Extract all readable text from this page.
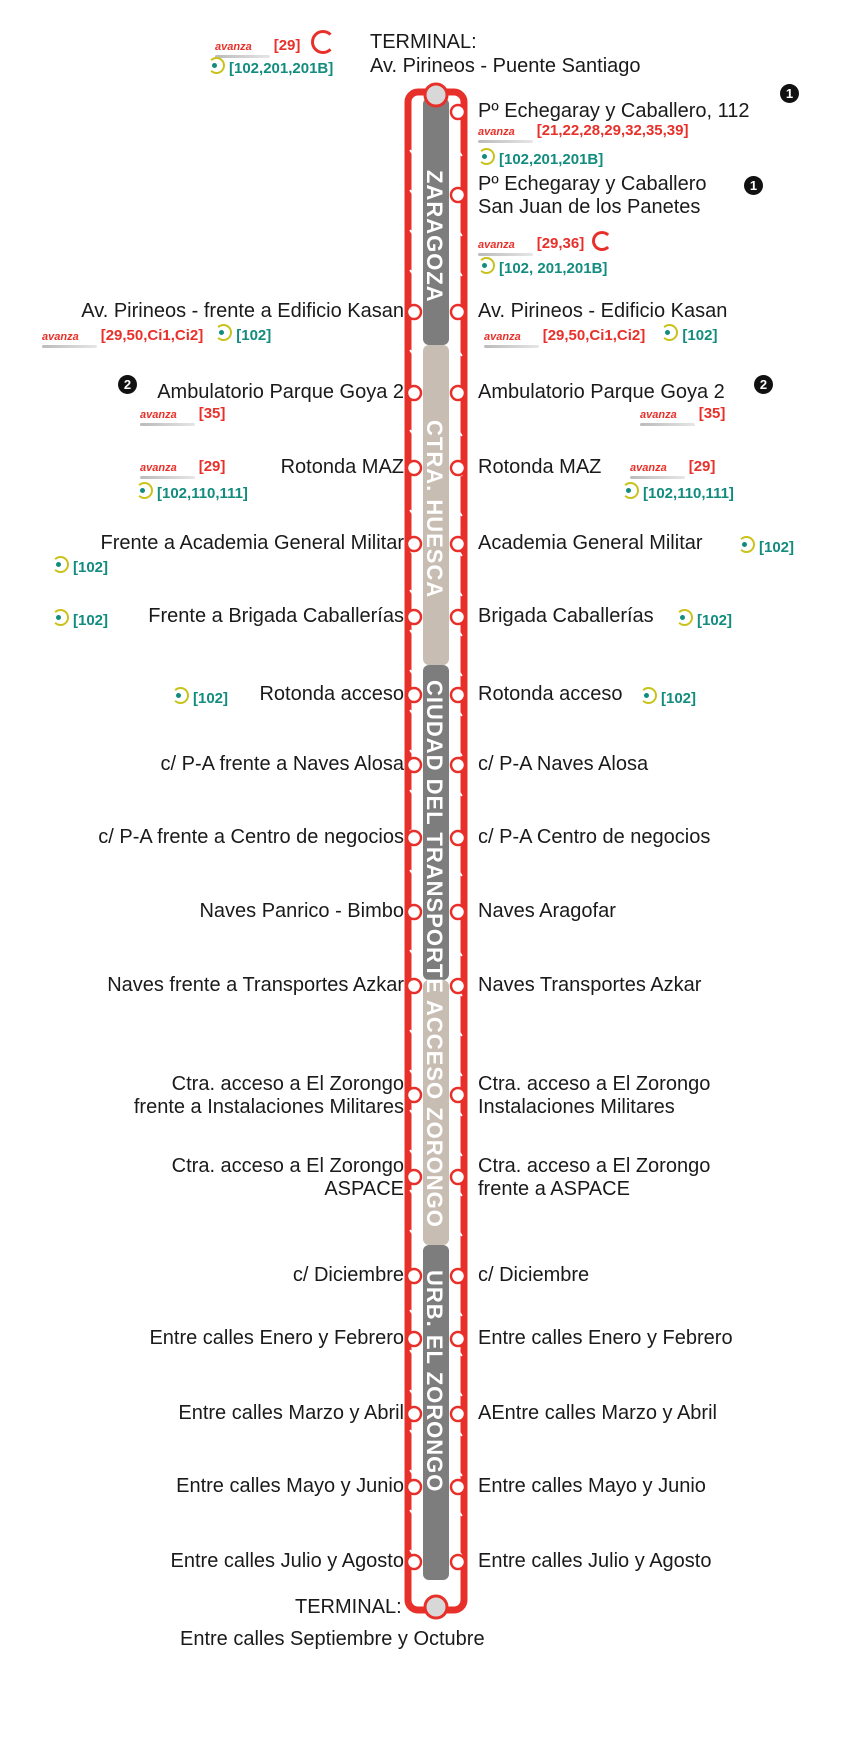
avanza [29]	TERMINAL:
[102,201,201B] Av. Pirineos - Puente Santiago
TERMINAL:
Entre calles Septiembre y Octubre
ZARAGOZA
CTRA. HUESCA
CIUDAD DEL TRANSPORTE
ACCESO ZORONGO
URB. EL ZORONGO
1
1
2	2
Pº Echegaray y Caballero, 112
avanza [21,22,28,29,32,35,39]
[102,201,201B]
Pº Echegaray y Caballero
San Juan de los Panetes
avanza [29,36]
[102, 201,201B]
Av. Pirineos - Edificio Kasan
avanza [29,50,Ci1,Ci2] [102]
Ambulatorio Parque Goya 2
avanza [35]
Rotonda MAZ	avanza [29]
[102,110,111]
Academia General Militar	[102]
Brigada Caballerías	[102]
Rotonda acceso	[102]
c/ P-A Naves Alosa
c/ P-A Centro de negocios
Naves Aragofar
Naves Transportes Azkar
Ctra. acceso a El Zorongo
Instalaciones Militares
Ctra. acceso a El Zorongo
frente a ASPACE
c/ Diciembre
Entre calles Enero y Febrero
AEntre calles Marzo y Abril
Entre calles Mayo y Junio
Entre calles Julio y Agosto
Av. Pirineos - frente a Edificio Kasan
avanza [29,50,Ci1,Ci2] [102]
Ambulatorio Parque Goya 2
avanza [35]
Rotonda MAZ
avanza [29]
[102,110,111]
Frente a Academia General Militar
[102]
Frente a Brigada Caballerías
[102]
Rotonda acceso
[102]
c/ P-A frente a Naves Alosa
c/ P-A frente a Centro de negocios
Naves Panrico - Bimbo
Naves frente a Transportes Azkar
Ctra. acceso a El Zorongo
frente a Instalaciones Militares
Ctra. acceso a El Zorongo
ASPACE
c/ Diciembre
Entre calles Enero y Febrero
Entre calles Marzo y Abril
Entre calles Mayo y Junio
Entre calles Julio y Agosto
